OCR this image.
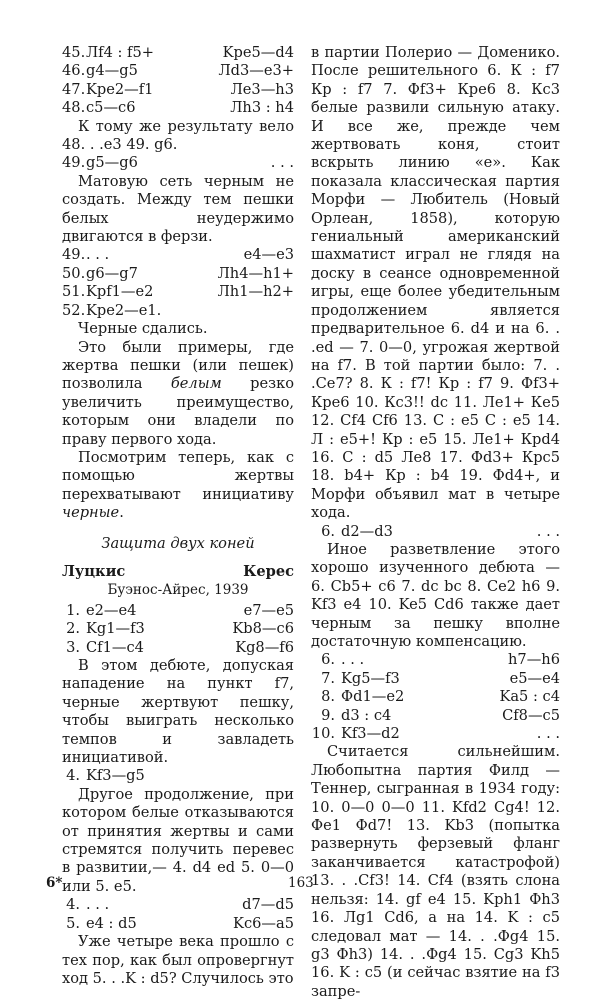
45. Лf4 : f5+	Kpe5—d4
46. g4—g5	Лd3—e3+
47. Kpe2—f1	Лe3—h3
48. c5—c6	Лh3 : h4

К тому же результату вело 48. . .e3 49. g6.

49. g5—g6	. . .

Матовую сеть черным не создать. Между тем пешки белых неудержимо двигаются в ферзи.

49. . . .	e4—e3
50. g6—g7	Лh4—h1+
51. Kpf1—e2	Лh1—h2+
52. Kpe2—e1.

Черные сдались.

Это были примеры, где жертва пешки (или пешек) позволила белым резко увеличить преимущество, которым они владели по праву первого хода.

Посмотрим теперь, как с помощью жертвы перехватывают инициативу черные.

Защита двух коней
Луцкис	Керес
Буэнос-Айрес, 1939
1. e2—e4	e7—e5
2. Kg1—f3	Kb8—c6
3. Cf1—c4	Kg8—f6

В этом дебюте, допуская нападение на пункт f7, черные жертвуют пешку, чтобы выиграть несколько темпов и завладеть инициативой.

4. Kf3—g5

Другое продолжение, при котором белые отказываются от принятия жертвы и сами стремятся получить перевес в развитии,— 4. d4 ed 5. 0—0 или 5. e5.

4. . . .	d7—d5
5. e4 : d5	Kc6—a5

Уже четыре века прошло с тех пор, как был опровергнут ход 5. . .K : d5? Случилось это

в партии Полерио — Доменико. После решительного 6. К : f7 Кр : f7 7. Фf3+ Кре6 8. Кс3 белые развили сильную атаку. И все же, прежде чем жертвовать коня, стоит вскрыть линию «е». Как показала классическая партия Морфи — Любитель (Новый Орлеан, 1858), которую гениальный американский шахматист играл не глядя на доску в сеансе одновременной игры, еще более убедительным продолжением является предварительное 6. d4 и на 6. . .ed — 7. 0—0, угрожая жертвой на f7. В той партии было: 7. . .Се7? 8. К : f7! Кр : f7 9. Фf3+ Кре6 10. Кс3!! dc 11. Ле1+ Ке5 12. Сf4 Сf6 13. С : е5 С : е5 14. Л : е5+! Кр : е5 15. Ле1+ Крd4 16. С : d5 Ле8 17. Фd3+ Крс5 18. b4+ Кр : b4 19. Фd4+, и Морфи объявил мат в четыре хода.

6. d2—d3	. . .

Иное разветвление этого хорошо изученного дебюта — 6. Cb5+ c6 7. dc bc 8. Ce2 h6 9. Kf3 e4 10. Ke5 Cd6 также дает черным за пешку вполне достаточную компенсацию.

6. . . .	h7—h6
7. Kg5—f3	e5—e4
8. Фd1—e2	Ka5 : c4
9. d3 : c4	Cf8—c5
10. Kf3—d2	. . .

Считается сильнейшим. Любопытна партия Филд — Теннер, сыгранная в 1934 году: 10. 0—0 0—0 11. Kfd2 Cg4! 12. Фe1 Фd7! 13. Kb3 (попытка развернуть ферзевый фланг заканчивается катастрофой) 13. . .Cf3! 14. Cf4 (взять слона нельзя: 14. gf e4 15. Kph1 Фh3 16. Лg1 Cd6, а на 14. K : c5 следовал мат — 14. . .Фg4 15. g3 Фh3) 14. . .Фg4 15. Cg3 Kh5 16. K : c5 (и сейчас взятие на f3 запре-

6*	163
